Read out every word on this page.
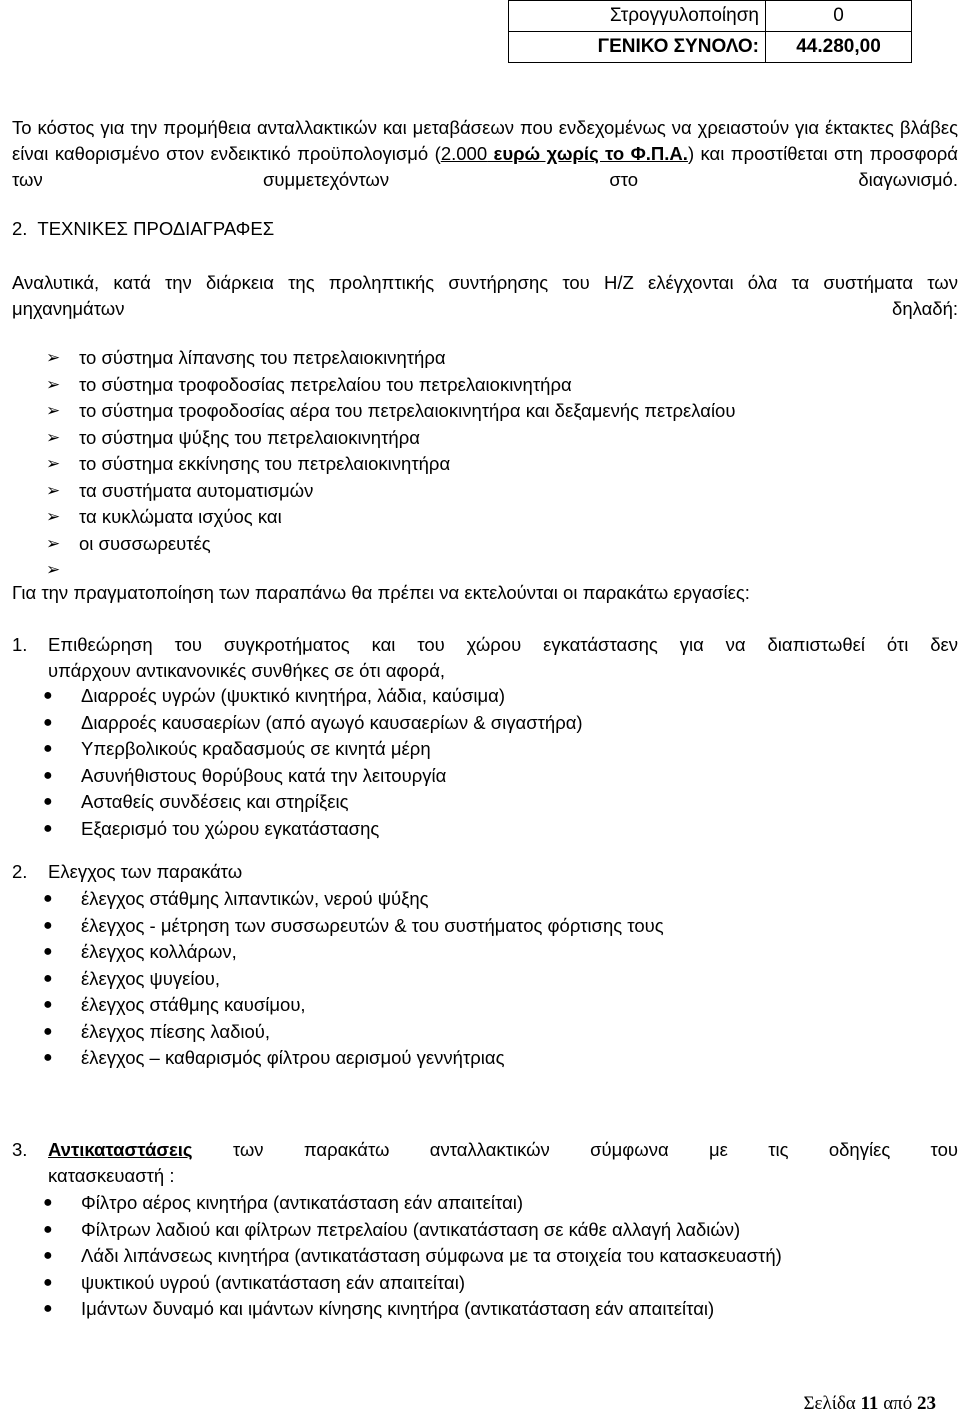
Στρογγυλοποίηση	0
ΓΕΝΙΚΟ ΣΥΝΟΛΟ:	44.280,00
Το κόστος για την προμήθεια ανταλλακτικών και μεταβάσεων που ενδεχομένως να χρειαστούν για έκτακτες βλάβες είναι καθορισμένο στον ενδεικτικό προϋπολογισμό (2.000 ευρώ χωρίς το Φ.Π.Α.) και προστίθεται στη προσφορά των συμμετεχόντων στο διαγωνισμό.
2. ΤΕΧΝΙΚΕΣ ΠΡΟΔΙΑΓΡΑΦΕΣ
Αναλυτικά, κατά την διάρκεια της προληπτικής συντήρησης του Η/Ζ ελέγχονται όλα τα συστήματα των μηχανημάτων δηλαδή:
➢ το σύστημα λίπανσης του πετρελαιοκινητήρα
➢ το σύστημα τροφοδοσίας πετρελαίου του πετρελαιοκινητήρα
➢ το σύστημα τροφοδοσίας αέρα του πετρελαιοκινητήρα και δεξαμενής πετρελαίου
➢ το σύστημα ψύξης του πετρελαιοκινητήρα
➢ το σύστημα εκκίνησης του πετρελαιοκινητήρα
➢ τα συστήματα αυτοματισμών
➢ τα κυκλώματα ισχύος και
➢ οι συσσωρευτές
➢
Για την πραγματοποίηση των παραπάνω θα πρέπει να εκτελούνται οι παρακάτω εργασίες:
1. Επιθεώρηση του συγκροτήματος και του χώρου εγκατάστασης για να διαπιστωθεί ότι δεν
υπάρχουν αντικανονικές συνθήκες σε ότι αφορά,
● Διαρροές υγρών (ψυκτικό κινητήρα, λάδια, καύσιμα)
● Διαρροές καυσαερίων (από αγωγό καυσαερίων & σιγαστήρα)
● Υπερβολικούς κραδασμούς σε κινητά μέρη
● Ασυνήθιστους θορύβους κατά την λειτουργία
● Ασταθείς συνδέσεις και στηρίξεις
● Εξαερισμό του χώρου εγκατάστασης
2. Ελεγχος των παρακάτω
● έλεγχος στάθμης λιπαντικών, νερού ψύξης
● έλεγχος - μέτρηση των συσσωρευτών & του συστήματος φόρτισης τους
● έλεγχος κολλάρων,
● έλεγχος ψυγείου,
● έλεγχος στάθμης καυσίμου,
● έλεγχος πίεσης λαδιού,
● έλεγχος – καθαρισμός φίλτρου αερισμού γεννήτριας
3. Αντικαταστάσεις των παρακάτω ανταλλακτικών σύμφωνα με τις οδηγίες του
κατασκευαστή :
● Φίλτρο αέρος κινητήρα (αντικατάσταση εάν απαιτείται)
● Φίλτρων λαδιού και φίλτρων πετρελαίου (αντικατάσταση σε κάθε αλλαγή λαδιών)
● Λάδι λιπάνσεως κινητήρα (αντικατάσταση σύμφωνα με τα στοιχεία του κατασκευαστή)
● ψυκτικού υγρού (αντικατάσταση εάν απαιτείται)
● Ιμάντων δυναμό και ιμάντων κίνησης κινητήρα (αντικατάσταση εάν απαιτείται)
Σελίδα 11 από 23
